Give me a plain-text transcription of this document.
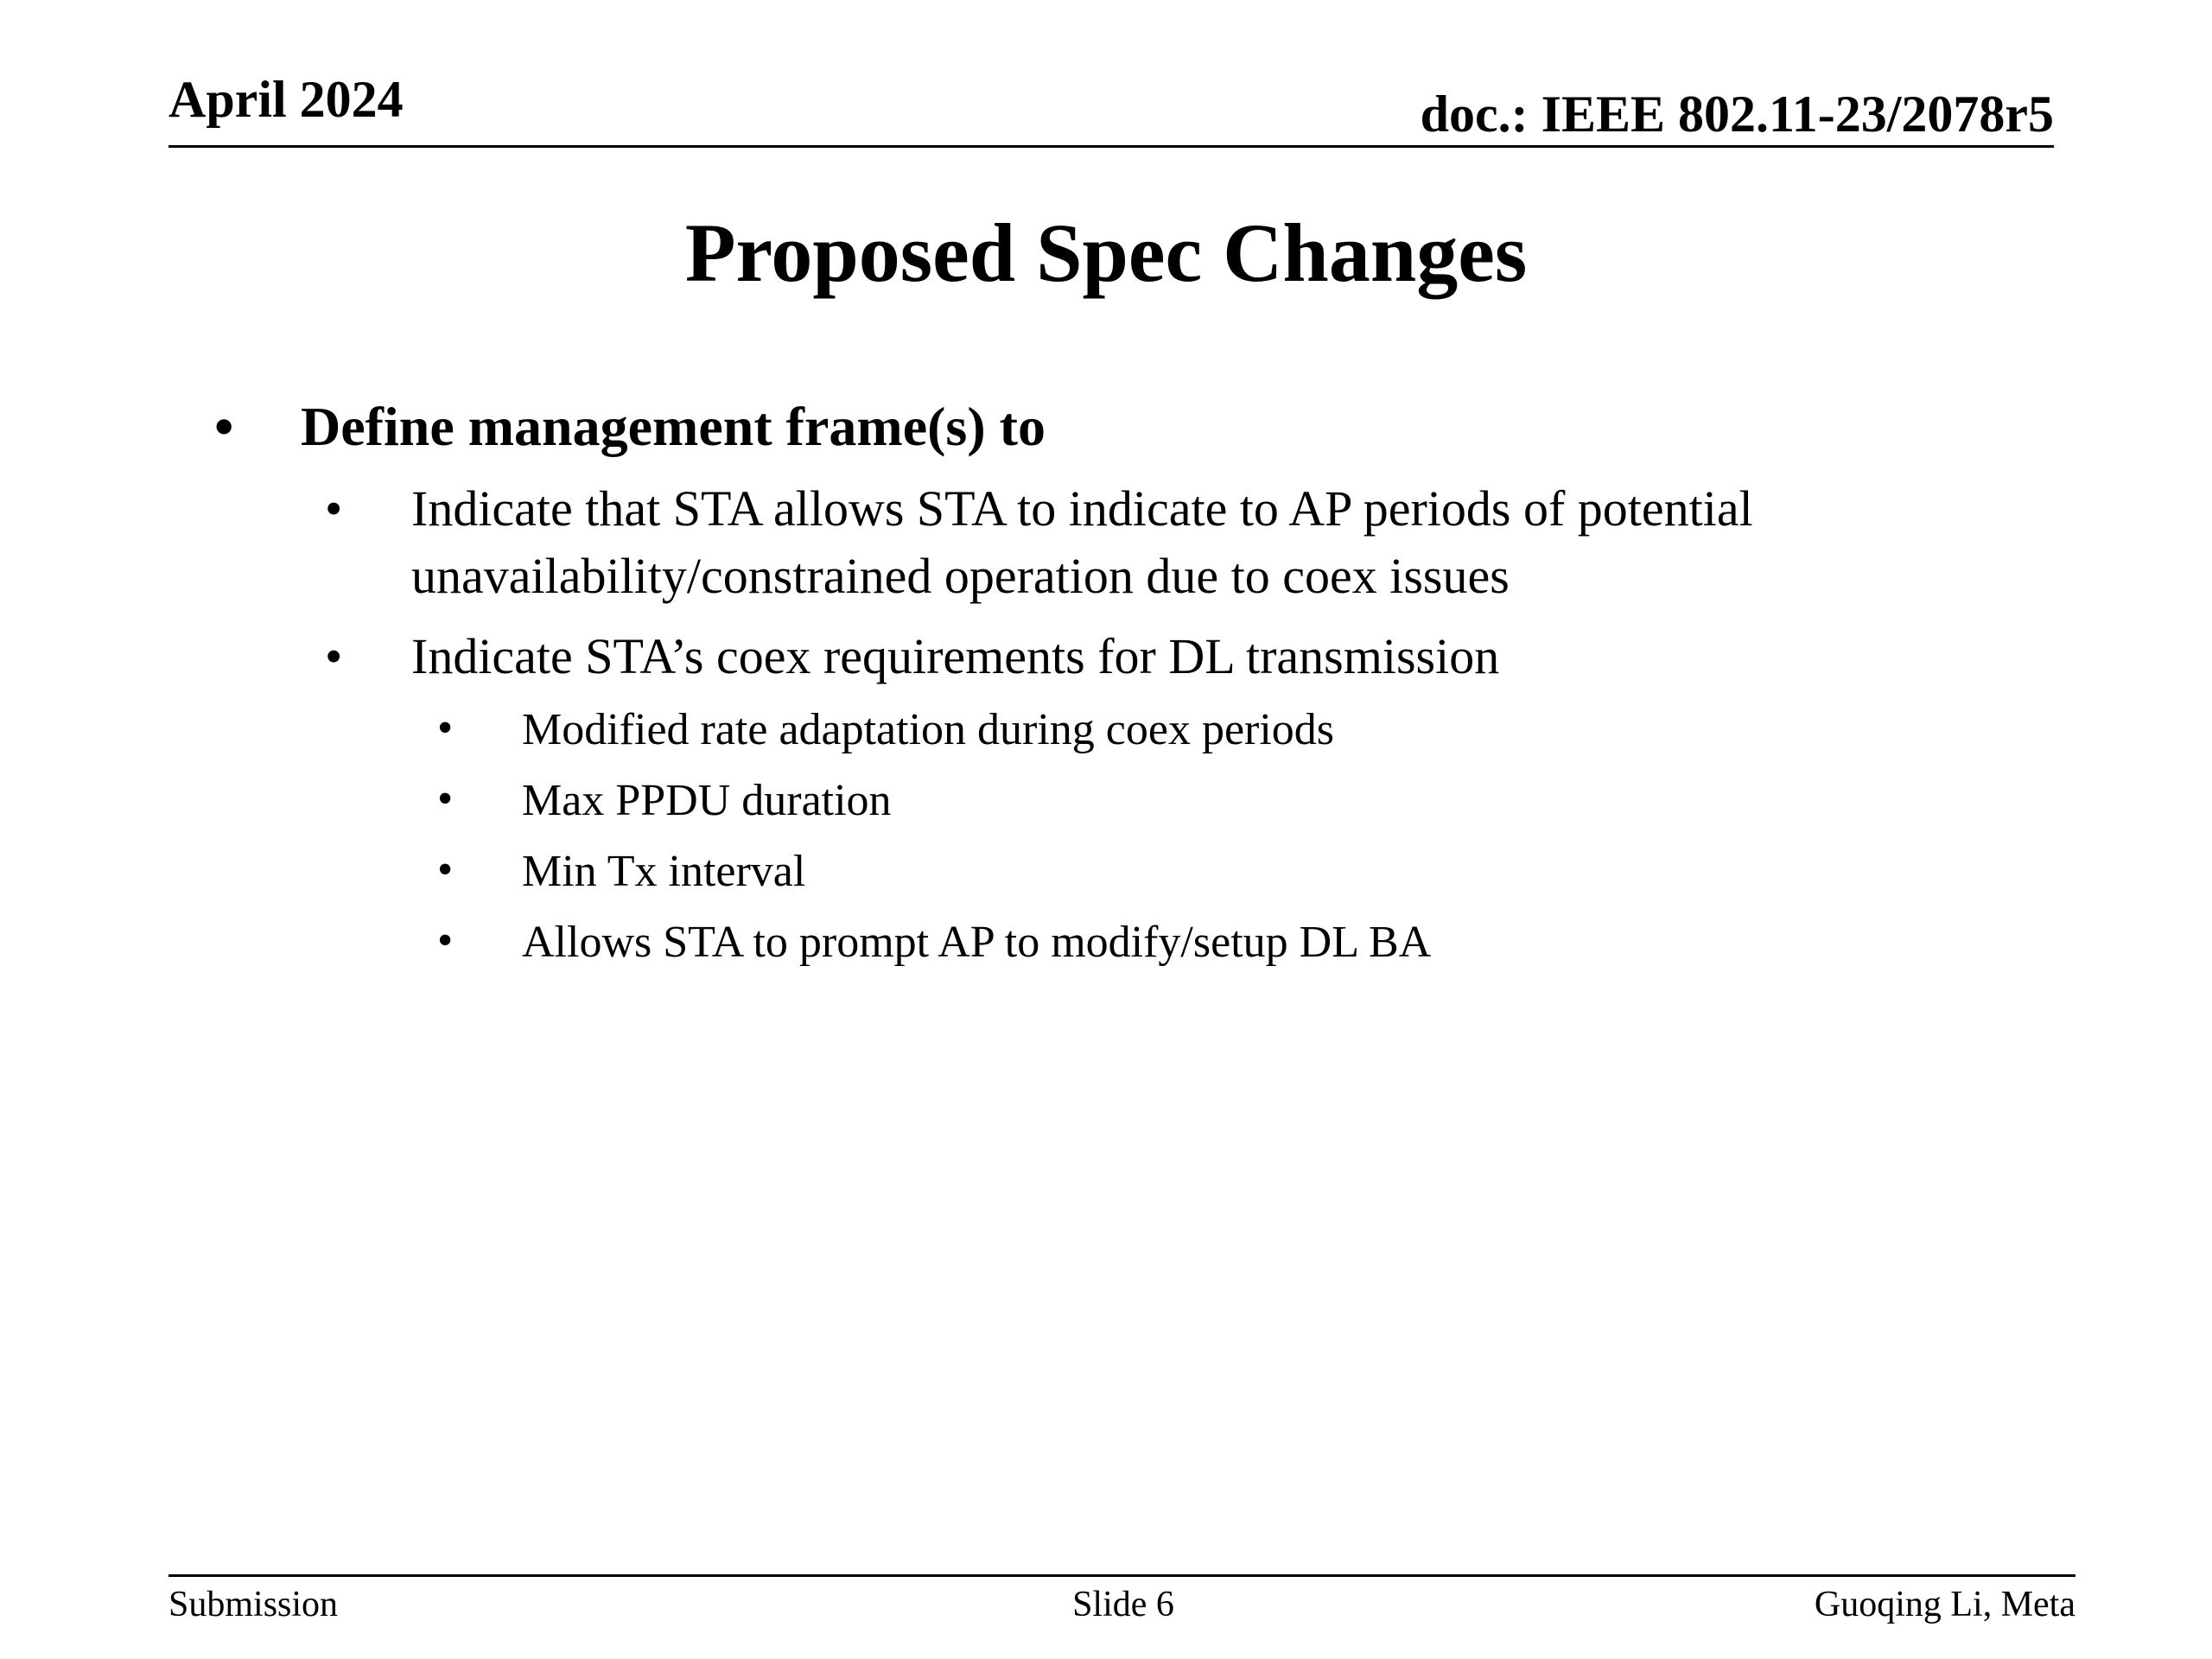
April 2024	doc.: IEEE 802.11-23/2078r5
Proposed Spec Changes
• Define management frame(s) to
• Indicate that STA allows STA to indicate to AP periods of potential
unavailability/constrained operation due to coex issues
• Indicate STA’s coex requirements for DL transmission
• Modified rate adaptation during coex periods
• Max PPDU duration
• Min Tx interval
• Allows STA to prompt AP to modify/setup DL BA
Submission	Slide 6	Guoqing Li, Meta
